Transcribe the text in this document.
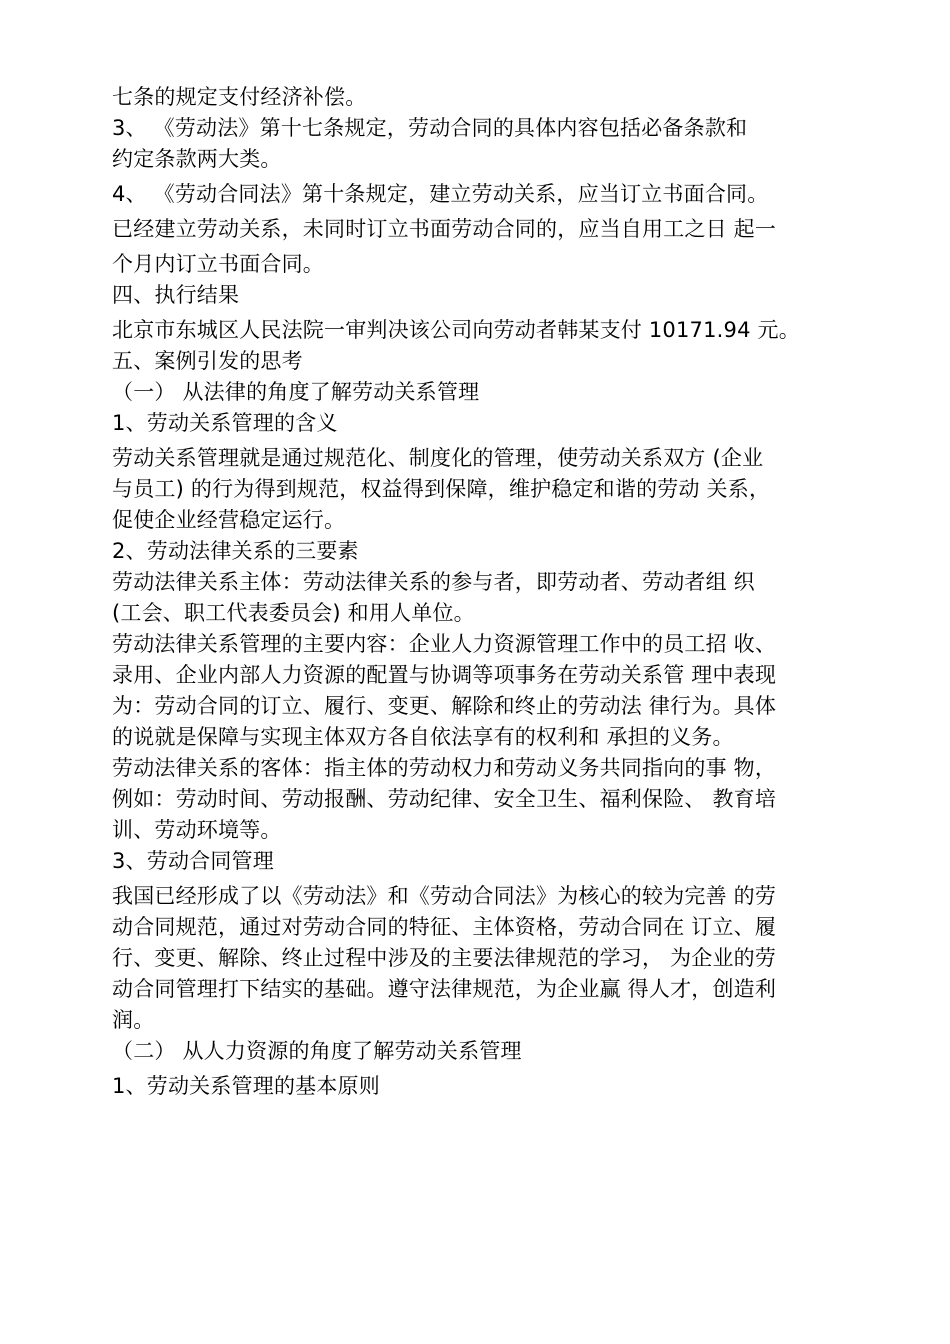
七条的规定支付经济补偿。
3、 《劳动法》第十七条规定，劳动合同的具体内容包括必备条款和
约定条款两大类。
4、 《劳动合同法》第十条规定，建立劳动关系，应当订立书面合同。
已经建立劳动关系，未同时订立书面劳动合同的，应当自用工之日 起一
个月内订立书面合同。
四、执行结果
北京市东城区人民法院一审判决该公司向劳动者韩某支付 10171.94 元。
五、案例引发的思考
（一） 从法律的角度了解劳动关系管理
1、劳动关系管理的含义
劳动关系管理就是通过规范化、制度化的管理，使劳动关系双方 (企业
与员工) 的行为得到规范，权益得到保障，维护稳定和谐的劳动 关系，
促使企业经营稳定运行。
2、劳动法律关系的三要素
劳动法律关系主体：劳动法律关系的参与者，即劳动者、劳动者组 织
(工会、职工代表委员会) 和用人单位。
劳动法律关系管理的主要内容：企业人力资源管理工作中的员工招 收、
录用、企业内部人力资源的配置与协调等项事务在劳动关系管 理中表现
为：劳动合同的订立、履行、变更、解除和终止的劳动法 律行为。具体
的说就是保障与实现主体双方各自依法享有的权利和 承担的义务。
劳动法律关系的客体：指主体的劳动权力和劳动义务共同指向的事 物，
例如：劳动时间、劳动报酬、劳动纪律、安全卫生、福利保险、 教育培
训、劳动环境等。
3、劳动合同管理
我国已经形成了以《劳动法》和《劳动合同法》为核心的较为完善 的劳
动合同规范，通过对劳动合同的特征、主体资格，劳动合同在 订立、履
行、变更、解除、终止过程中涉及的主要法律规范的学习， 为企业的劳
动合同管理打下结实的基础。遵守法律规范，为企业赢 得人才，创造利
润。
（二） 从人力资源的角度了解劳动关系管理
1、劳动关系管理的基本原则
